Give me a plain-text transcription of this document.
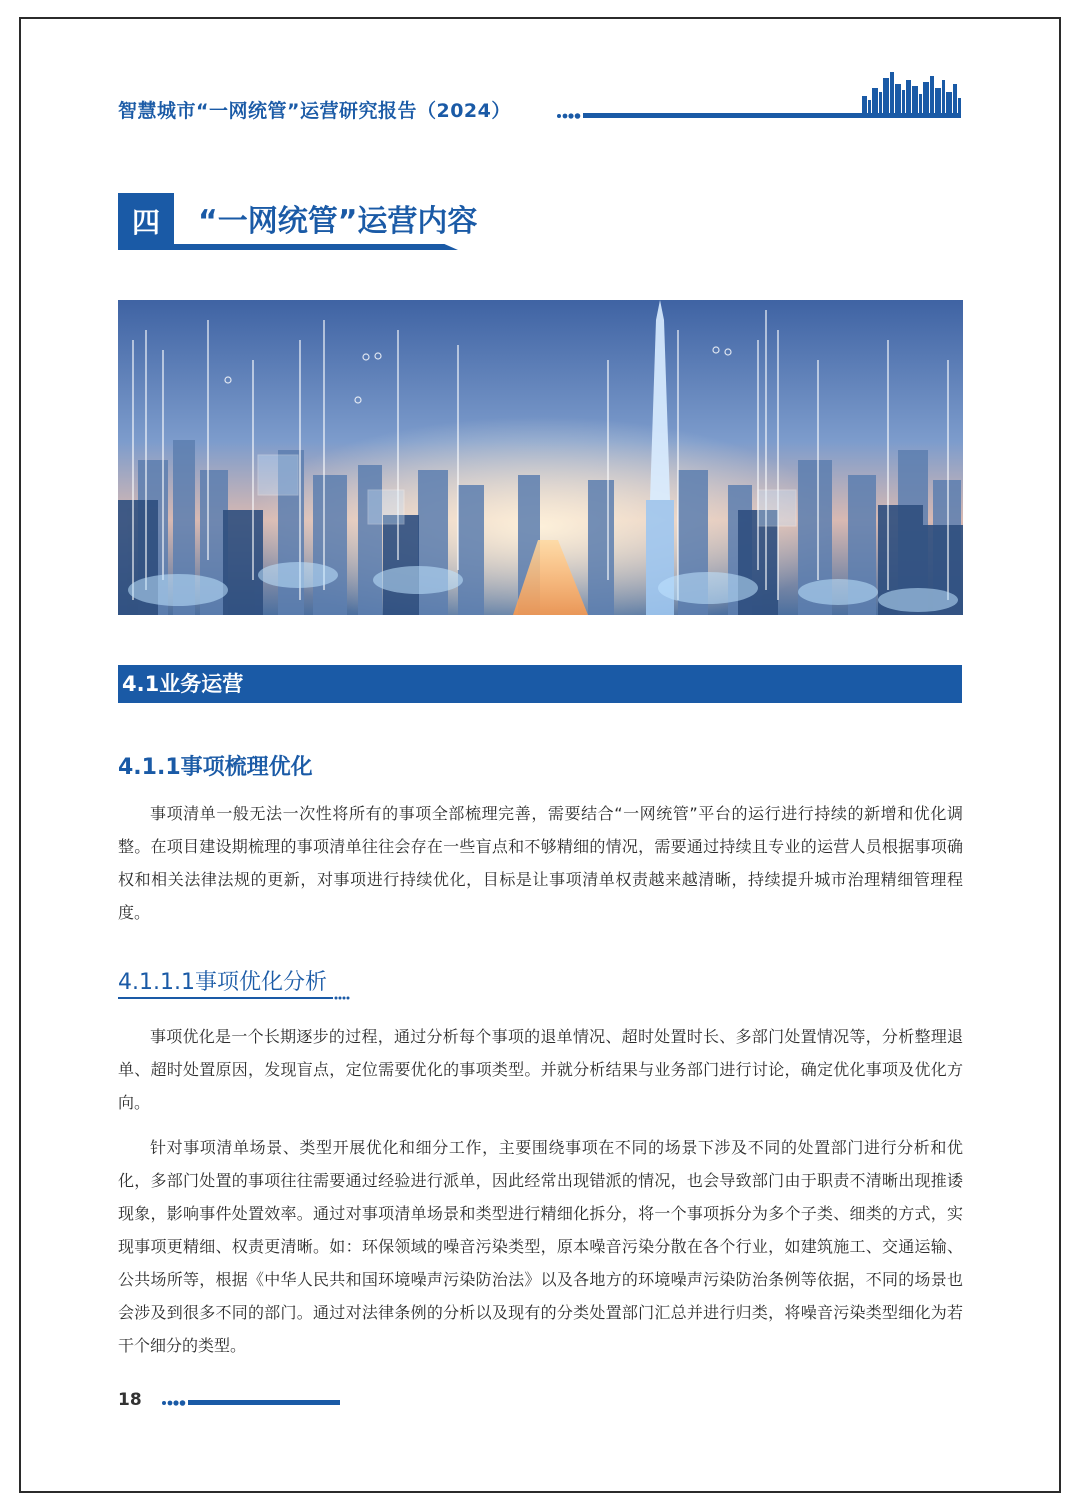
智慧城市“一网统管”运营研究报告（2024）
四	“一网统管”运营内容
4.1业务运营
4.1.1事项梳理优化

事项清单一般无法一次性将所有的事项全部梳理完善，需要结合“一网统管”平台的运行进行持续的新增和优化调整。在项目建设期梳理的事项清单往往会存在一些盲点和不够精细的情况，需要通过持续且专业的运营人员根据事项确权和相关法律法规的更新，对事项进行持续优化，目标是让事项清单权责越来越清晰，持续提升城市治理精细管理程度。

4.1.1.1事项优化分析

事项优化是一个长期逐步的过程，通过分析每个事项的退单情况、超时处置时长、多部门处置情况等，分析整理退单、超时处置原因，发现盲点，定位需要优化的事项类型。并就分析结果与业务部门进行讨论，确定优化事项及优化方向。

针对事项清单场景、类型开展优化和细分工作，主要围绕事项在不同的场景下涉及不同的处置部门进行分析和优化，多部门处置的事项往往需要通过经验进行派单，因此经常出现错派的情况，也会导致部门由于职责不清晰出现推诿现象，影响事件处置效率。通过对事项清单场景和类型进行精细化拆分，将一个事项拆分为多个子类、细类的方式，实现事项更精细、权责更清晰。如：环保领域的噪音污染类型，原本噪音污染分散在各个行业，如建筑施工、交通运输、公共场所等，根据《中华人民共和国环境噪声污染防治法》以及各地方的环境噪声污染防治条例等依据，不同的场景也会涉及到很多不同的部门。通过对法律条例的分析以及现有的分类处置部门汇总并进行归类，将噪音污染类型细化为若干个细分的类型。

18
